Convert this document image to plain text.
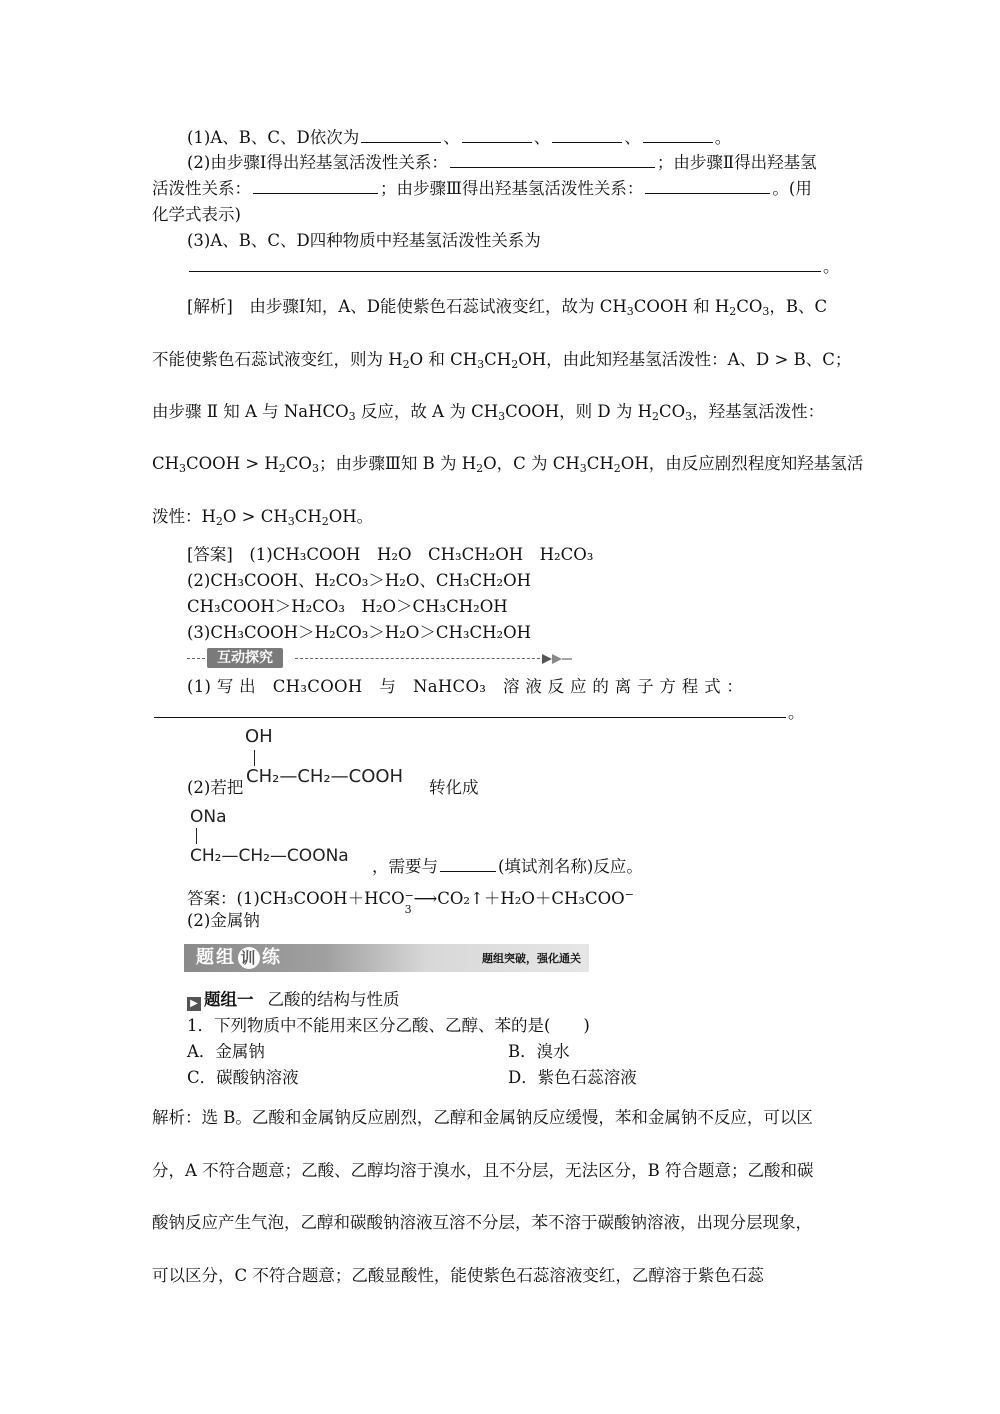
(1)A、B、C、D依次为	、	、	、	。
(2)由步骤Ⅰ得出羟基氢活泼性关系：	；由步骤Ⅱ得出羟基氢
活泼性关系：	；由步骤Ⅲ得出羟基氢活泼性关系：	。(用
化学式表示)
(3)A、B、C、D四种物质中羟基氢活泼性关系为
。
[解析]　由步骤Ⅰ知，A、D能使紫色石蕊试液变红，故为 $CH_3COOH$ 和 $H_2CO_3$，B、C
不能使紫色石蕊试液变红，则为 $H_2O$ 和 $CH_3CH_2OH$，由此知羟基氢活泼性：A、D > B、C；
由步骤 Ⅱ 知 A 与 NaHCO$_3$ 反应，故 A 为 $CH_3COOH$，则 D 为 $H_2CO_3$，羟基氢活泼性：
$CH_3COOH > H_2CO_3$；由步骤Ⅲ知 B 为 $H_2O$，C 为 $CH_3CH_2OH$，由反应剧烈程度知羟基氢活
泼性：$H_2O > CH_3CH_2OH$。
[答案]　(1)CH₃COOH　H₂O　CH₃CH₂OH　H₂CO₃
(2)CH₃COOH、H₂CO₃＞H₂O、CH₃CH₂OH
CH₃COOH＞H₂CO₃　H₂O＞CH₃CH₂OH
(3)CH₃COOH＞H₂CO₃＞H₂O＞CH₃CH₂OH
互动探究
(1) 写 出　CH₃COOH　与　NaHCO₃　溶 液 反 应 的 离 子 方 程 式 ：
。
OH
(2)若把
CH₂—CH₂—COOH
转化成
ONa
CH₂—CH₂—COONa
，需要与	(填试剂名称)反应。
答案：(1)CH₃COOH＋HCO −
3
⟶CO₂↑＋H₂O＋CH₃COO−
(2)金属钠
题组 训 练	题组突破，强化通关
▶ 题组一 乙酸的结构与性质
1．下列物质中不能用来区分乙酸、乙醇、苯的是(　　)
A．金属钠	B．溴水
C．碳酸钠溶液	D．紫色石蕊溶液
解析：选 B。乙酸和金属钠反应剧烈，乙醇和金属钠反应缓慢，苯和金属钠不反应，可以区
分，A 不符合题意；乙酸、乙醇均溶于溴水，且不分层，无法区分，B 符合题意；乙酸和碳
酸钠反应产生气泡，乙醇和碳酸钠溶液互溶不分层，苯不溶于碳酸钠溶液，出现分层现象，
可以区分，C 不符合题意；乙酸显酸性，能使紫色石蕊溶液变红，乙醇溶于紫色石蕊
